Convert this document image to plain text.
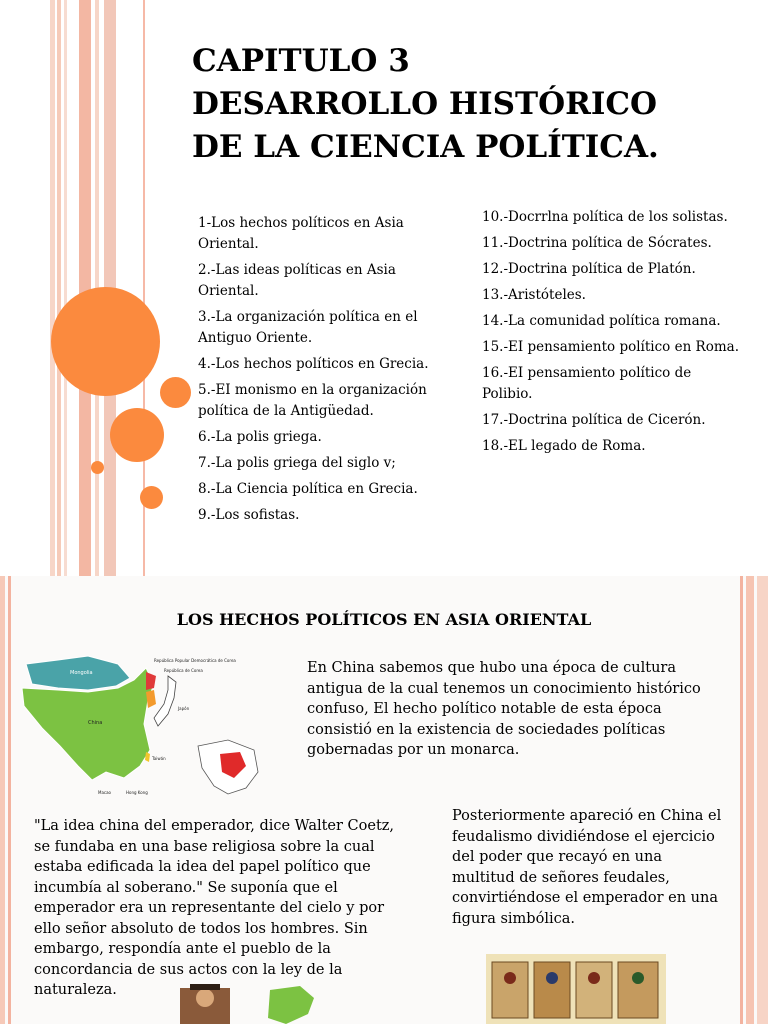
CAPITULO 3
DESARROLLO HISTÓRICO
DE LA CIENCIA POLÍTICA.
1-Los hechos políticos en Asia Oriental.
2.-Las ideas políticas en Asia Oriental.
3.-La organización política en el Antiguo Oriente.
4.-Los hechos políticos en Grecia.
5.-EI monismo en la organización política de la Antigüedad.
6.-La polis griega.
7.-La polis griega del siglo v;
8.-La Ciencia política en Grecia.
9.-Los sofistas.
10.-Docrrlna política de los solistas.
11.-Doctrina política de Sócrates.
12.-Doctrina política de Platón.
13.-Aristóteles.
14.-La comunidad política romana.
15.-EI pensamiento político en Roma.
16.-EI pensamiento político de Polibio.
17.-Doctrina política de Cicerón.
18.-EL legado de Roma.
LOS HECHOS POLÍTICOS EN ASIA ORIENTAL
Mongolia
China
República Popular Democrática de Corea
República de Corea
Japón
Taiwán
Macao	Hong Kong

En China sabemos que hubo una época de cultura antigua de la cual tenemos un conocimiento histórico confuso, El hecho político notable de esta época consistió en la existencia de sociedades políticas gobernadas por un monarca.

"La idea china del emperador, dice Walter Coetz, se fundaba en una base religiosa sobre la cual estaba edificada la idea del papel político que incumbía al soberano." Se suponía que el emperador era un representante del cielo y por ello señor absoluto de todos los hombres. Sin embargo, respondía ante el pueblo de la concordancia de sus actos con la ley de la naturaleza.

Posteriormente apareció en China el feudalismo dividiéndose el ejercicio del poder que recayó en una multitud de señores feudales, convirtiéndose el emperador en una figura simbólica.
